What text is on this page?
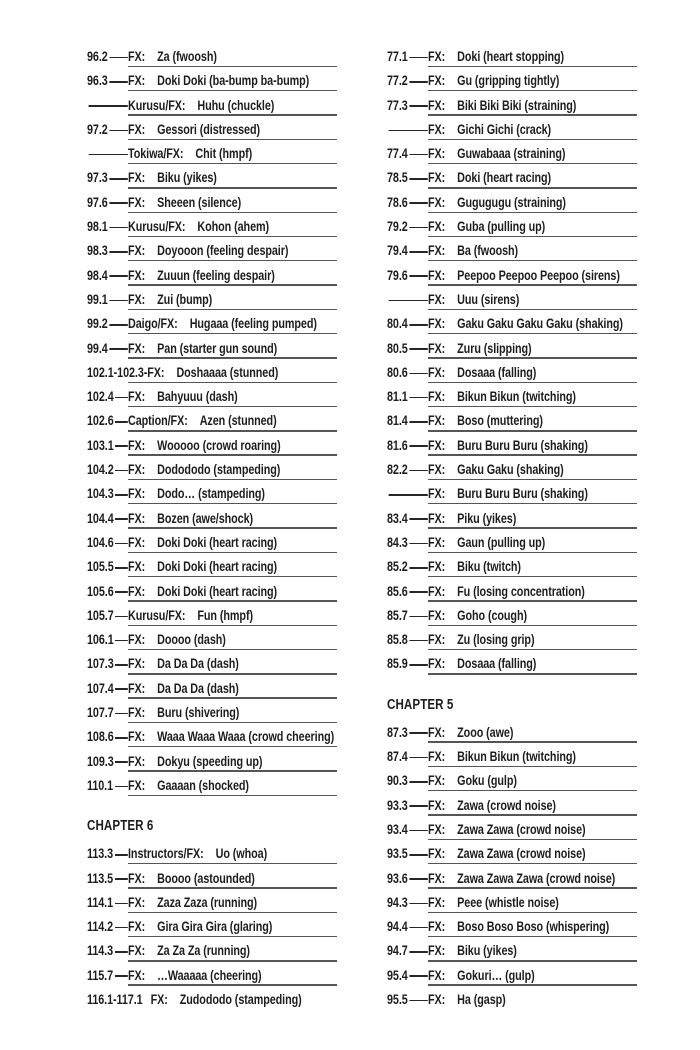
96.2 FX: Za (fwoosh)
96.3 FX: Doki Doki (ba-bump ba-bump)
Kurusu/FX: Huhu (chuckle)
97.2 FX: Gessori (distressed)
Tokiwa/FX: Chit (hmpf)
97.3 FX: Biku (yikes)
97.6 FX: Sheeen (silence)
98.1 Kurusu/FX: Kohon (ahem)
98.3 FX: Doyooon (feeling despair)
98.4 FX: Zuuun (feeling despair)
99.1 FX: Zui (bump)
99.2 Daigo/FX: Hugaaa (feeling pumped)
99.4 FX: Pan (starter gun sound)
102.1-102.3- FX: Doshaaaa (stunned)
102.4 FX: Bahyuuu (dash)
102.6 Caption/FX: Azen (stunned)
103.1 FX: Wooooo (crowd roaring)
104.2 FX: Dodododo (stampeding)
104.3 FX: Dodo… (stampeding)
104.4 FX: Bozen (awe/shock)
104.6 FX: Doki Doki (heart racing)
105.5 FX: Doki Doki (heart racing)
105.6 FX: Doki Doki (heart racing)
105.7 Kurusu/FX: Fun (hmpf)
106.1 FX: Doooo (dash)
107.3 FX: Da Da Da (dash)
107.4 FX: Da Da Da (dash)
107.7 FX: Buru (shivering)
108.6 FX: Waaa Waaa Waaa (crowd cheering)
109.3 FX: Dokyu (speeding up)
110.1 FX: Gaaaan (shocked)
CHAPTER 6
113.3 Instructors/FX: Uo (whoa)
113.5 FX: Boooo (astounded)
114.1 FX: Zaza Zaza (running)
114.2 FX: Gira Gira Gira (glaring)
114.3 FX: Za Za Za (running)
115.7 FX: …Waaaaa (cheering)
116.1-117.1 FX: Zudododo (stampeding)
77.1 FX: Doki (heart stopping)
77.2 FX: Gu (gripping tightly)
77.3 FX: Biki Biki Biki (straining)
FX: Gichi Gichi (crack)
77.4 FX: Guwabaaa (straining)
78.5 FX: Doki (heart racing)
78.6 FX: Gugugugu (straining)
79.2 FX: Guba (pulling up)
79.4 FX: Ba (fwoosh)
79.6 FX: Peepoo Peepoo Peepoo (sirens)
FX: Uuu (sirens)
80.4 FX: Gaku Gaku Gaku Gaku (shaking)
80.5 FX: Zuru (slipping)
80.6 FX: Dosaaa (falling)
81.1 FX: Bikun Bikun (twitching)
81.4 FX: Boso (muttering)
81.6 FX: Buru Buru Buru (shaking)
82.2 FX: Gaku Gaku (shaking)
FX: Buru Buru Buru (shaking)
83.4 FX: Piku (yikes)
84.3 FX: Gaun (pulling up)
85.2 FX: Biku (twitch)
85.6 FX: Fu (losing concentration)
85.7 FX: Goho (cough)
85.8 FX: Zu (losing grip)
85.9 FX: Dosaaa (falling)
CHAPTER 5
87.3 FX: Zooo (awe)
87.4 FX: Bikun Bikun (twitching)
90.3 FX: Goku (gulp)
93.3 FX: Zawa (crowd noise)
93.4 FX: Zawa Zawa (crowd noise)
93.5 FX: Zawa Zawa (crowd noise)
93.6 FX: Zawa Zawa Zawa (crowd noise)
94.3 FX: Peee (whistle noise)
94.4 FX: Boso Boso Boso (whispering)
94.7 FX: Biku (yikes)
95.4 FX: Gokuri… (gulp)
95.5 FX: Ha (gasp)
